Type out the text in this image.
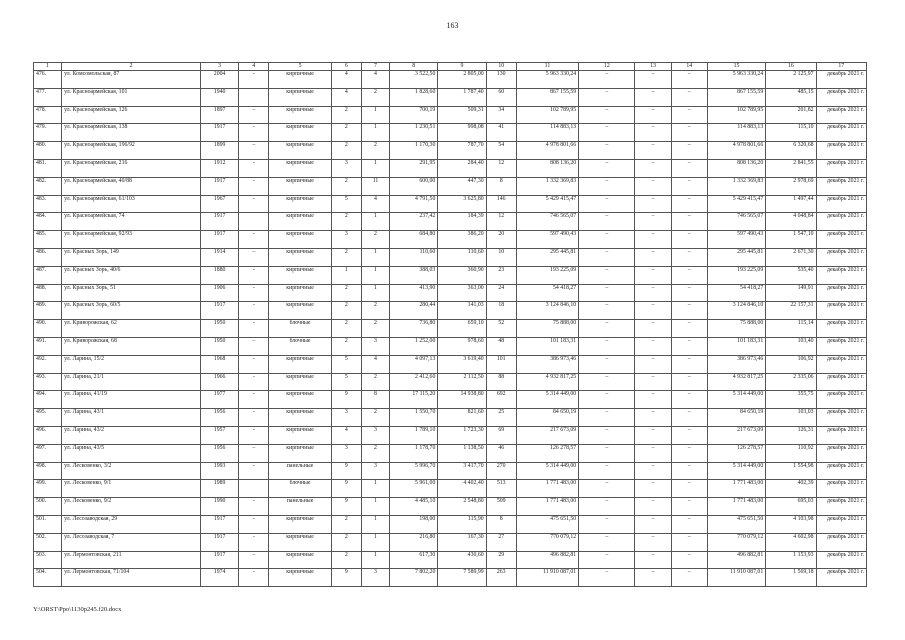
163
1	2	3	4	5	6	7	8	9	10	11	12	13	14	15	16	17
476.	ул. Комсомольская, 87	2004	-	кирпичные	4	4	3 522,50	2 805,00	130	5 963 330,24	–	–	–	5 963 330,24	2 125,97	декабрь 2021 г.
477.	ул. Красноармейская, 101	1940		кирпичные	4	2	1 828,60	1 787,40	60	867 155,59	–	–	–	867 155,59	485,15	декабрь 2021 г.
478.	ул. Красноармейская, 126	1897	–	кирпичные	2	1	700,19	509,31	34	102 789,95	–	–	–	102 789,95	201,82	декабрь 2021 г.
479.	ул. Красноармейская, 138	1917	-	кирпичные	2	1	1 230,51	998,08	41	114 883,13	–	–	–	114 883,13	115,10	декабрь 2021 г.
480.	ул. Красноармейская, 196/92	1899	–	кирпичные	2	2	1 170,30	787,70	54	4 978 801,66	–	–	–	4 978 801,66	6 320,68	декабрь 2021 г.
481.	ул. Красноармейская, 216	1912	-	кирпичные	3	1	291,95	284,40	12	808 136,20	–	–	–	808 136,20	2 841,55	декабрь 2021 г.
482.	ул. Красноармейская, 40/88	1917	-	кирпичные	2	11	600,00	447,30	8	1 332 369,83	–	–	–	1 332 369,83	2 978,69	декабрь 2021 г.
483.	ул. Красноармейская, 61/103	1967	-	кирпичные	5	4	4 791,50	3 625,80	146	5 429 415,47	–	–	–	5 429 415,47	1 497,44	декабрь 2021 г.
484.	ул. Красноармейская, 74	1917		кирпичные	2	1	237,42	184,39	12	746 565,07	–	–	–	746 565,07	4 048,84	декабрь 2021 г.
485.	ул. Красноармейская, 92/93	1917	-	кирпичные	3	2	684,80	386,20	20	597 490,43	–	–	–	597 490,43	1 547,10	декабрь 2021 г.
486.	ул. Красных Зорь, 149	1914	–	кирпичные	2	1	110,60	110,60	10	295 445,81	–	–	–	295 445,81	2 671,30	декабрь 2021 г.
487.	ул. Красных Зорь, 40/6	1880	-	кирпичные	1	1	388,03	360,90	23	193 225,09	–	–	–	193 225,09	535,40	декабрь 2021 г.
488.	ул. Красных Зорь, 51	1906	-	кирпичные	2	1	413,90	363,00	24	54 418,27	–	–	–	54 418,27	149,91	декабрь 2021 г.
489.	ул. Красных Зорь, 60/5	1917	-	кирпичные	2	2	280,44	141,03	18	3 124 846,10	–	–	–	3 124 846,10	22 157,31	декабрь 2021 г.
490.	ул. Криворожская, 62	1950	-	блочные	2	2	736,80	659,10	52	75 888,00	–	–	–	75 888,00	115,14	декабрь 2021 г.
491.	ул. Криворожская, 68	1950	–	блочные	2	3	1 252,00	978,60	48	101 183,31	–	–	–	101 183,31	103,40	декабрь 2021 г.
492.	ул. Ларина, 15/2	1968	-	кирпичные	5	4	4 097,13	3 619,40	101	386 973,46	–	–	–	386 973,46	106,92	декабрь 2021 г.
493.	ул. Ларина, 21/1	1966	-	кирпичные	5	2	2 412,60	2 112,50	88	4 932 817,25	–	–	–	4 932 817,25	2 335,06	декабрь 2021 г.
494.	ул. Ларина, 41/19	1977	-	кирпичные	9	8	17 115,20	14 938,80	692	5 314 449,00	–	–	–	5 314 449,00	355,75	декабрь 2021 г.
495.	ул. Ларина, 43/1	1956	-	кирпичные	3	2	1 550,70	821,60	25	84 650,19	–	–	–	84 650,19	103,03	декабрь 2021 г.
496.	ул. Ларина, 43/2	1957	-	кирпичные	4	3	1 789,10	1 723,30	69	217 673,09	–	–	–	217 673,09	126,31	декабрь 2021 г.
497.	ул. Ларина, 43/5	1956	–	кирпичные	3	2	1 178,70	1 138,50	46	126 278,57	–	–	–	126 278,57	110,92	декабрь 2021 г.
498.	ул. Лесковенко, 3/2	1993	-	панельные	9	3	5 996,70	3 417,70	270	5 314 449,00	–	–	–	5 314 449,00	1 554,98	декабрь 2021 г.
499.	ул. Лесковенко, 9/1	1989		блочные	9	1	5 961,00	4 402,40	513	1 771 483,00	–	–	–	1 771 483,00	402,39	декабрь 2021 г.
500.	ул. Лесковенко, 9/2	1990	-	панельные	9	1	4 485,10	2 548,80	509	1 771 483,00	–	–	–	1 771 483,00	695,03	декабрь 2021 г.
501.	ул. Лесозаводская, 29	1917	-	кирпичные	2	1	198,00	115,90	8	475 651,50	–	–	–	475 651,50	4 103,98	декабрь 2021 г.
502.	ул. Лесозаводская, 7	1917	-	кирпичные	2	1	216,80	167,30	27	770 079,12	–	–	–	770 079,12	4 602,98	декабрь 2021 г.
503.	ул. Лермонтовская, 211	1917	–	кирпичные	2	1	617,30	430,60	29	496 882,81	–	–	–	496 882,81	1 153,93	декабрь 2021 г.
504.	ул. Лермонтовская, 71/104	1974	-	кирпичные	9	3	7 802,20	7 589,99	263	11 910 087,01	–	–	–	11 910 087,01	1 569,18	декабрь 2021 г.
Y:\ORST\Ppo\1130p245.f20.docx
